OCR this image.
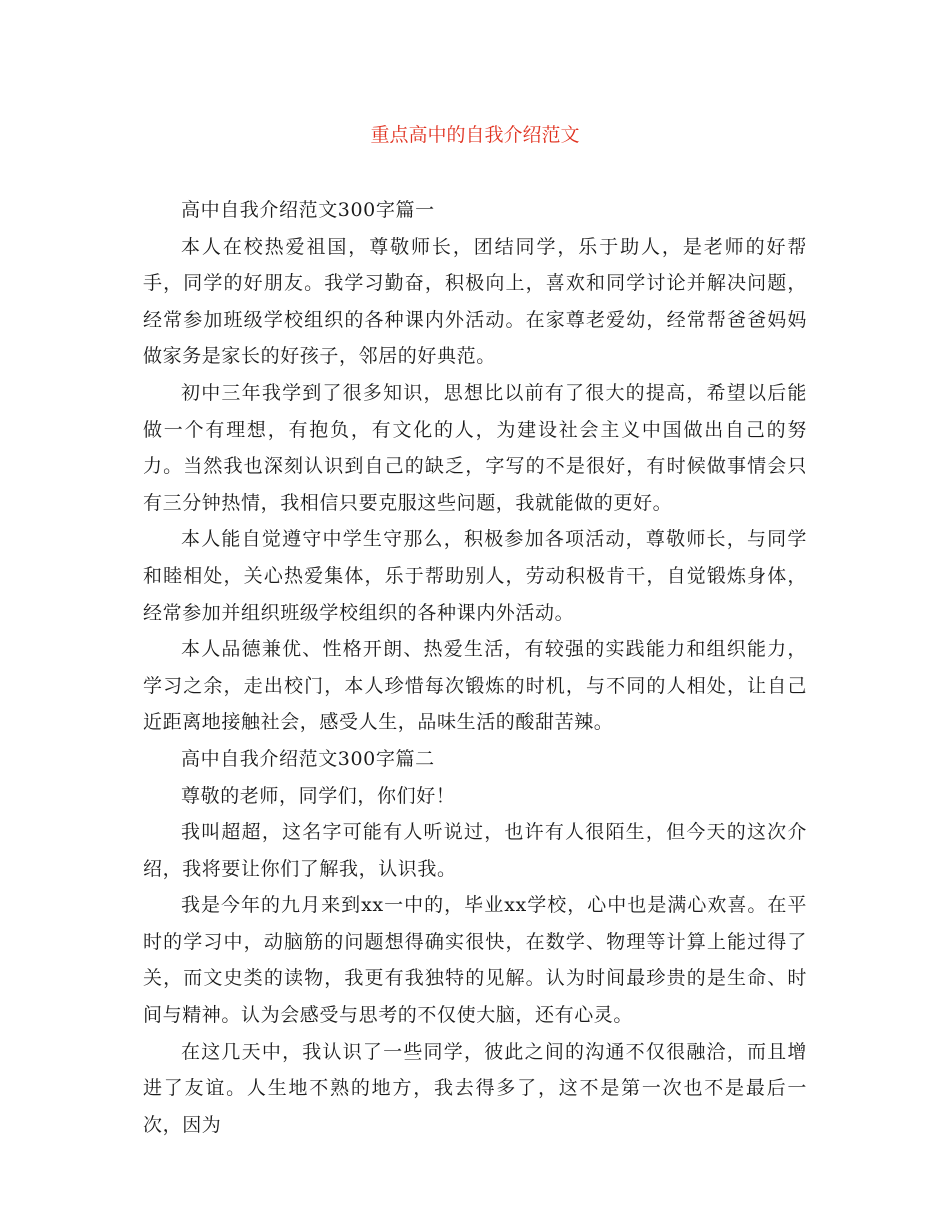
重点高中的自我介绍范文

高中自我介绍范文300字篇一

本人在校热爱祖国，尊敬师长，团结同学，乐于助人，是老师的好帮手，同学的好朋友。我学习勤奋，积极向上，喜欢和同学讨论并解决问题，经常参加班级学校组织的各种课内外活动。在家尊老爱幼，经常帮爸爸妈妈做家务是家长的好孩子，邻居的好典范。

初中三年我学到了很多知识，思想比以前有了很大的提高，希望以后能做一个有理想，有抱负，有文化的人，为建设社会主义中国做出自己的努力。当然我也深刻认识到自己的缺乏，字写的不是很好，有时候做事情会只有三分钟热情，我相信只要克服这些问题，我就能做的更好。

本人能自觉遵守中学生守那么，积极参加各项活动，尊敬师长，与同学和睦相处，关心热爱集体，乐于帮助别人，劳动积极肯干，自觉锻炼身体，经常参加并组织班级学校组织的各种课内外活动。

本人品德兼优、性格开朗、热爱生活，有较强的实践能力和组织能力，学习之余，走出校门，本人珍惜每次锻炼的时机，与不同的人相处，让自己近距离地接触社会，感受人生，品味生活的酸甜苦辣。

高中自我介绍范文300字篇二

尊敬的老师，同学们，你们好！

我叫超超，这名字可能有人听说过，也许有人很陌生，但今天的这次介绍，我将要让你们了解我，认识我。

我是今年的九月来到xx一中的，毕业xx学校，心中也是满心欢喜。在平时的学习中，动脑筋的问题想得确实很快，在数学、物理等计算上能过得了关，而文史类的读物，我更有我独特的见解。认为时间最珍贵的是生命、时间与精神。认为会感受与思考的不仅使大脑，还有心灵。

在这几天中，我认识了一些同学，彼此之间的沟通不仅很融洽，而且增进了友谊。人生地不熟的地方，我去得多了，这不是第一次也不是最后一次，因为
